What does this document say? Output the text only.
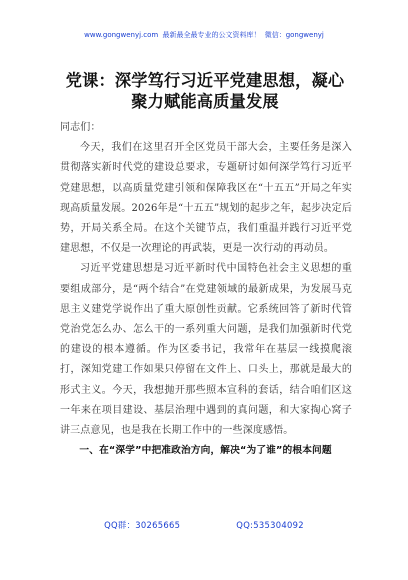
www.gongwenyj.com 最新最全最专业的公文资料库！ 微信：gongwenyj
党课：深学笃行习近平党建思想，凝心聚力赋能高质量发展

同志们：

今天，我们在这里召开全区党员干部大会，主要任务是深入贯彻落实新时代党的建设总要求，专题研讨如何深学笃行习近平党建思想，以高质量党建引领和保障我区在“十五五”开局之年实现高质量发展。2026年是“十五五”规划的起步之年，起步决定后势，开局关系全局。在这个关键节点，我们重温并践行习近平党建思想，不仅是一次理论的再武装，更是一次行动的再动员。

习近平党建思想是习近平新时代中国特色社会主义思想的重要组成部分，是“两个结合”在党建领域的最新成果，为发展马克思主义建党学说作出了重大原创性贡献。它系统回答了新时代管党治党怎么办、怎么干的一系列重大问题，是我们加强新时代党的建设的根本遵循。作为区委书记，我常年在基层一线摸爬滚打，深知党建工作如果只停留在文件上、口头上，那就是最大的形式主义。今天，我想抛开那些照本宣科的套话，结合咱们区这一年来在项目建设、基层治理中遇到的真问题，和大家掏心窝子讲三点意见，也是我在长期工作中的一些深度感悟。

一、在“深学”中把准政治方向，解决“为了谁”的根本问题

QQ群：30265665	QQ:535304092
